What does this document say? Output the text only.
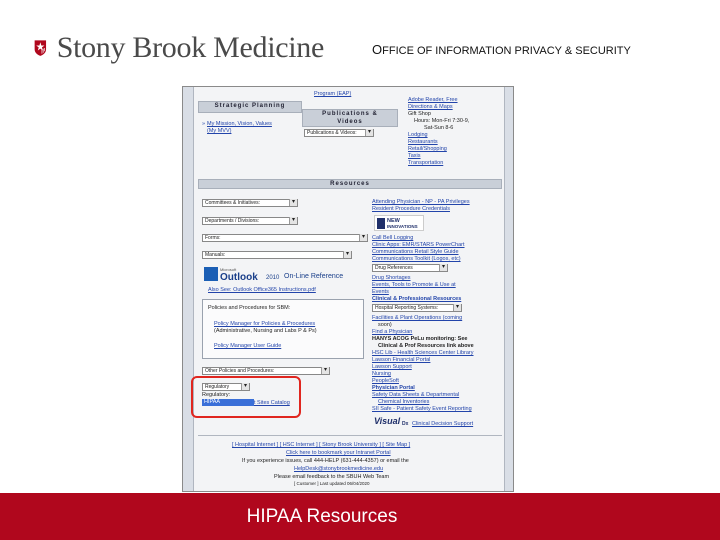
Stony Brook Medicine	OFFICE OF INFORMATION PRIVACY & SECURITY
Program (EAP)
Strategic Planning
» My Mission, Vision, Values
(My MVV)
Publications &
Videos
Publications & Videos: ▾
Adobe Reader, Free
Directions & Maps
Gift Shop
Hours: Mon-Fri 7:30-9,
Sat-Sun 8-6
Lodging
Restaurants
Retail/Shopping
Taxis
Transportation
Resources
Committees & Initiatives: ▾
Departments / Divisions: ▾
Forms: ▾
Manuals: ▾
Microsoft
Outlook 2010 On-Line Reference
Also See: Outlook Office365 Instructions.pdf
Policies and Procedures for SBM:
Policy Manager for Policies & Procedures
(Administrative, Nursing and Labs P & Ps)
Policy Manager User Guide
Other Policies and Procedures: ▾
Regulatory ▾
Regulatory:
HIPAA	t Sites Catalog
Attending Physician - NP - PA Privileges
Resident Procedure Credentials
NEW
INNOVATIONS
Call Bell Logging
Clinic Apps: EMR/STARS PowerChart
Communications Retail Style Guide
Communications Toolkit (Logos, etc)
Drug References ▾
Drug Shortages
Events, Tools to Promote & Use at
Events
Clinical & Professional Resources
Hospital Reporting Systems: ▾
Facilities & Plant Operations (coming
soon)
Find a Physician
HANYS ACOG PeLu monitoring: See
Clinical & Prof Resources link above
HSC Lib - Health Sciences Center Library
Lawson Financial Portal
Lawson Support
Nursing
PeopleSoft
Physician Portal
Safety Data Sheets & Departmental
Chemical Inventories
SII Safe - Patient Safety Event Reporting
Visual Dx Clinical Decision Support
[ Hospital Internet ] [ HSC Internet ] [ Stony Brook University ] [ Site Map ]
Click here to bookmark your Intranet Portal
If you experience issues, call 444-HELP (631-444-4357) or email the
HelpDesk@stonybrookmedicine.edu
Please email feedback to the SBUH Web Team
[ Customer ] Last updated 06/04/2020
HIPAA Resources
